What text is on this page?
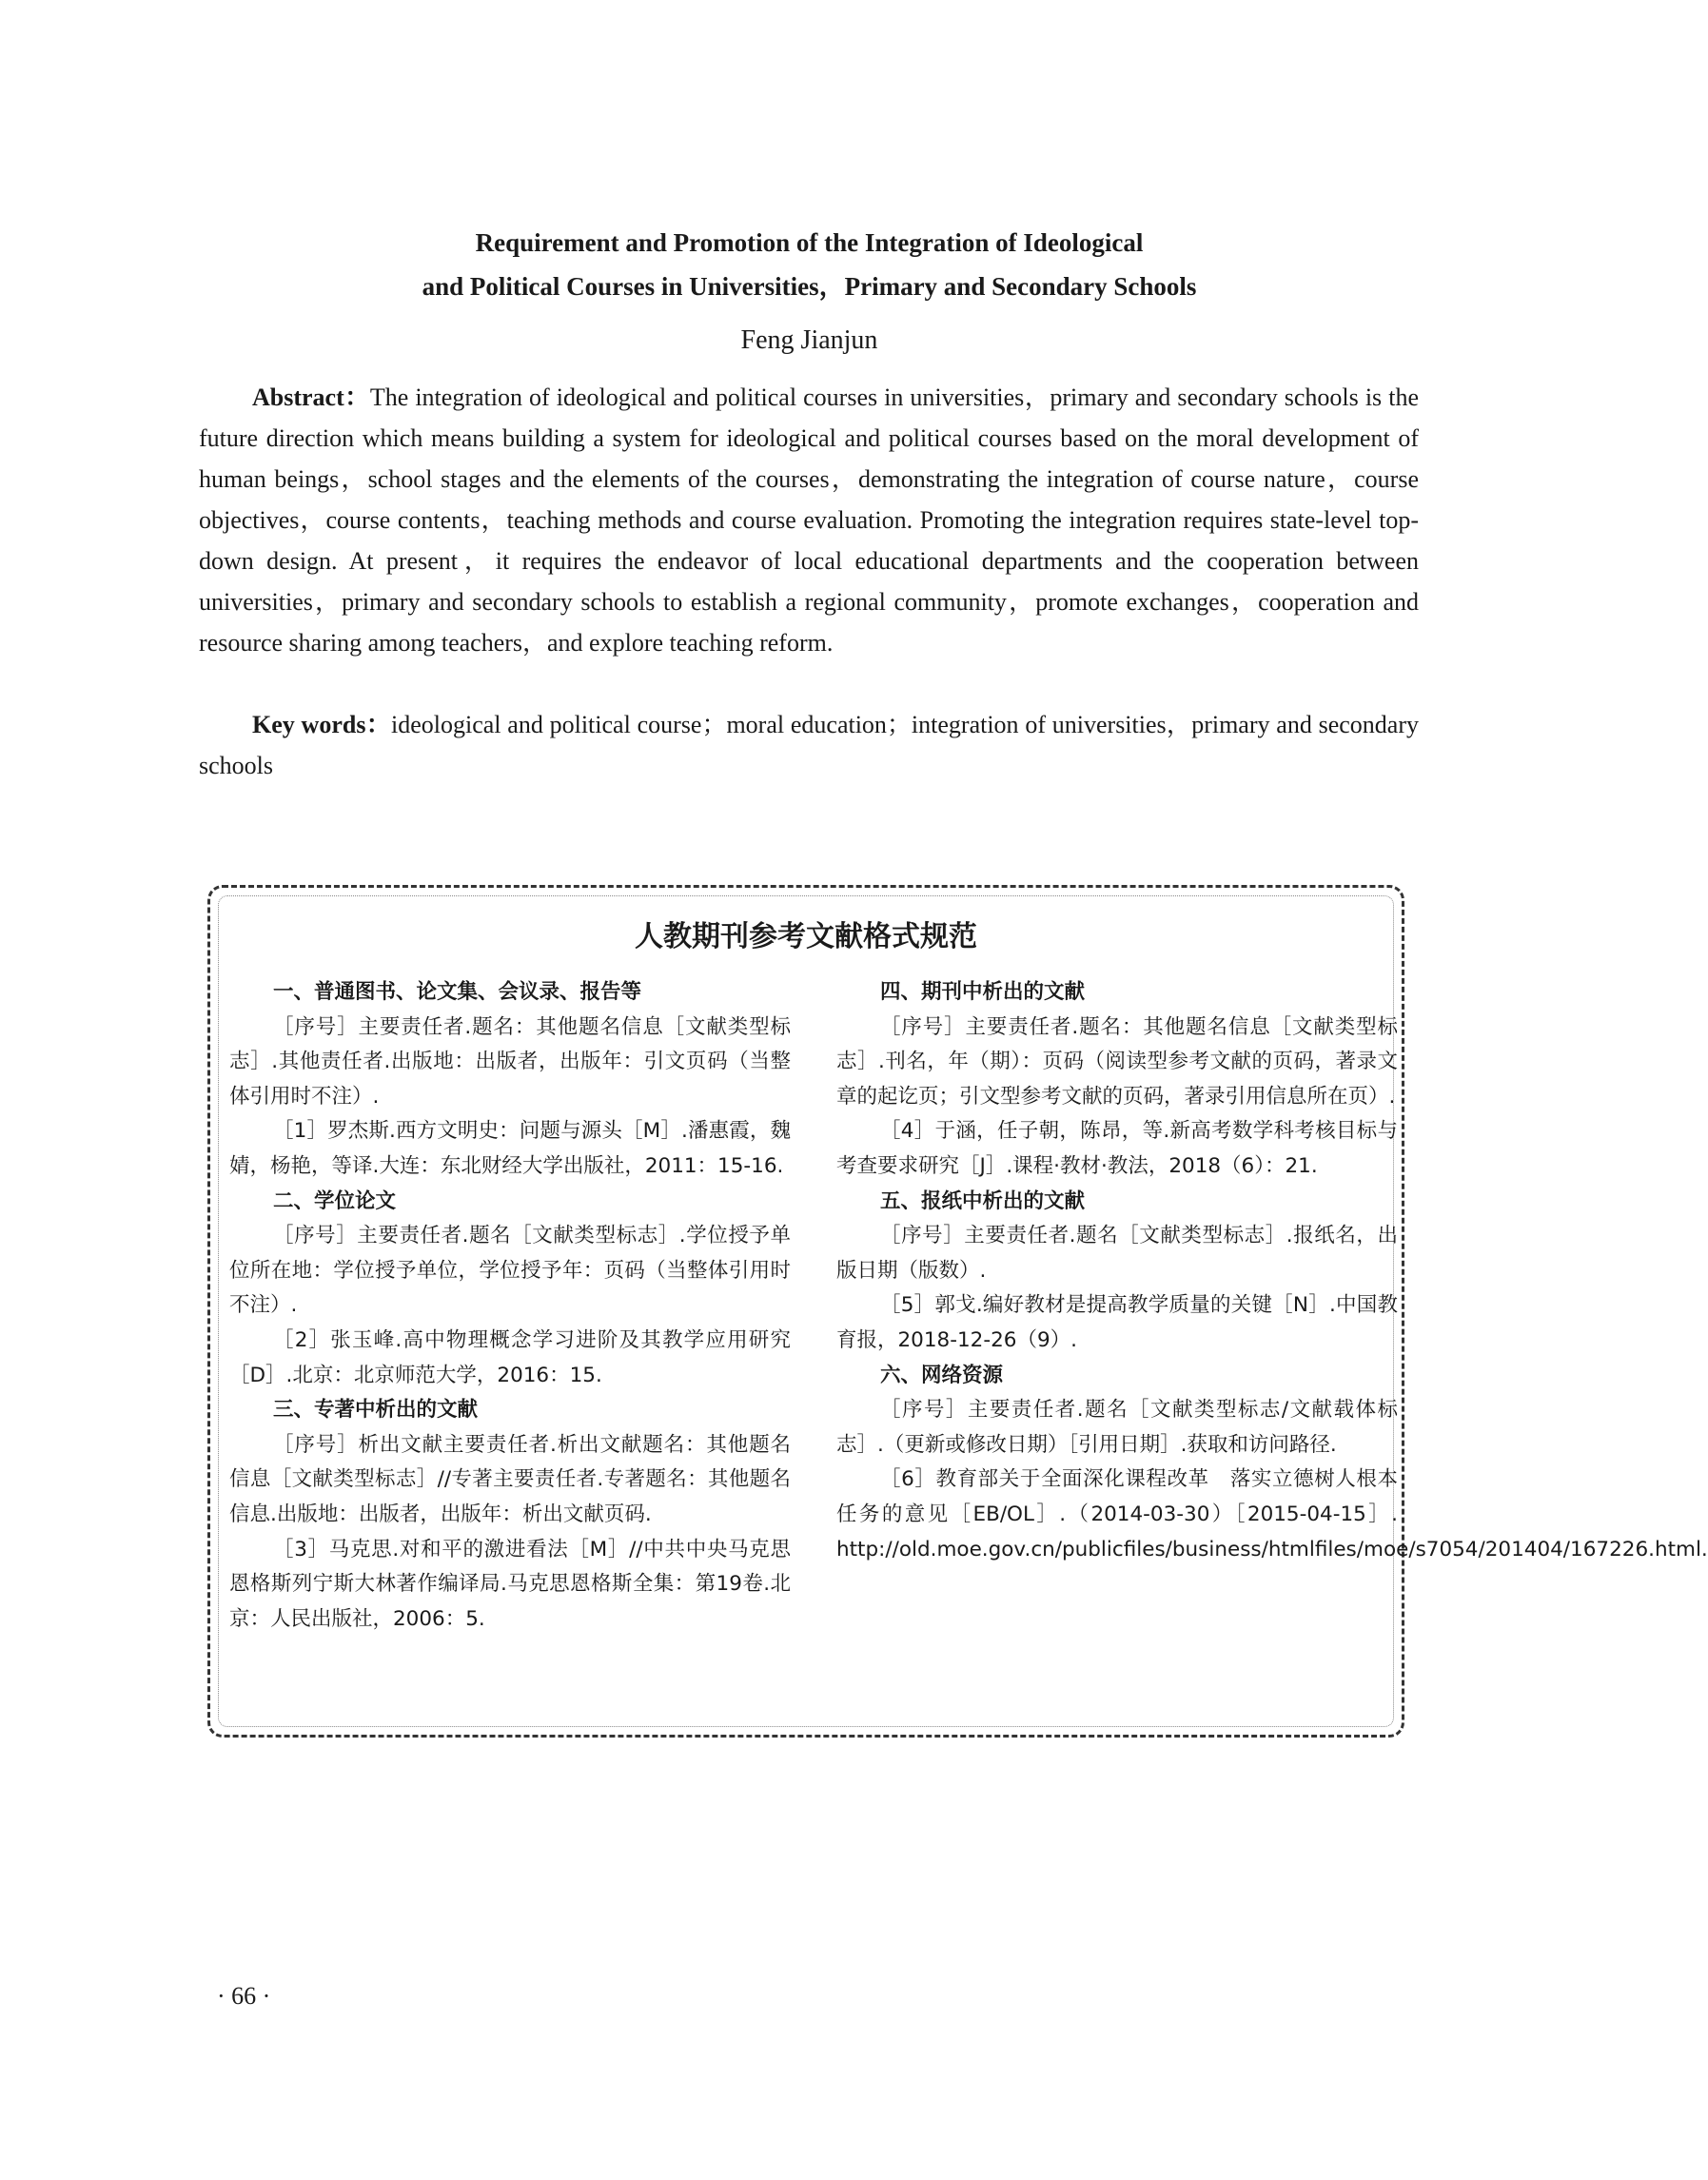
Requirement and Promotion of the Integration of Ideological
and Political Courses in Universities，Primary and Secondary Schools
Feng Jianjun
Abstract：The integration of ideological and political courses in universities，primary and secondary schools is the future direction which means building a system for ideological and political courses based on the moral development of human beings，school stages and the elements of the courses，demonstrating the integration of course nature，course objectives，course contents，teaching methods and course evaluation. Promoting the integration requires state-level top-down design. At present，it requires the endeavor of local educational departments and the cooperation between universities，primary and secondary schools to establish a regional community，promote exchanges，cooperation and resource sharing among teachers，and explore teaching reform.
Key words：ideological and political course；moral education；integration of universities，primary and secondary schools
人教期刊参考文献格式规范
一、普通图书、论文集、会议录、报告等
［序号］主要责任者.题名：其他题名信息［文献类型标志］.其他责任者.出版地：出版者，出版年：引文页码（当整体引用时不注）.
［1］罗杰斯.西方文明史：问题与源头［M］.潘惠霞，魏婧，杨艳，等译.大连：东北财经大学出版社，2011：15-16.
二、学位论文
［序号］主要责任者.题名［文献类型标志］.学位授予单位所在地：学位授予单位，学位授予年：页码（当整体引用时不注）.
［2］张玉峰.高中物理概念学习进阶及其教学应用研究［D］.北京：北京师范大学，2016：15.
三、专著中析出的文献
［序号］析出文献主要责任者.析出文献题名：其他题名信息［文献类型标志］//专著主要责任者.专著题名：其他题名信息.出版地：出版者，出版年：析出文献页码.
［3］马克思.对和平的激进看法［M］//中共中央马克思恩格斯列宁斯大林著作编译局.马克思恩格斯全集：第19卷.北京：人民出版社，2006：5.
四、期刊中析出的文献
［序号］主要责任者.题名：其他题名信息［文献类型标志］.刊名，年（期）：页码（阅读型参考文献的页码，著录文章的起讫页；引文型参考文献的页码，著录引用信息所在页）.
［4］于涵，任子朝，陈昂，等.新高考数学科考核目标与考查要求研究［J］.课程·教材·教法，2018（6）：21.
五、报纸中析出的文献
［序号］主要责任者.题名［文献类型标志］.报纸名，出版日期（版数）.
［5］郭戈.编好教材是提高教学质量的关键［N］.中国教育报，2018-12-26（9）.
六、网络资源
［序号］主要责任者.题名［文献类型标志/文献载体标志］.（更新或修改日期）［引用日期］.获取和访问路径.
［6］教育部关于全面深化课程改革　落实立德树人根本任务的意见［EB/OL］.（2014-03-30）［2015-04-15］. http://old.moe.gov.cn/publicfiles/business/htmlfiles/moe/s7054/201404/167226.html.
· 66 ·
